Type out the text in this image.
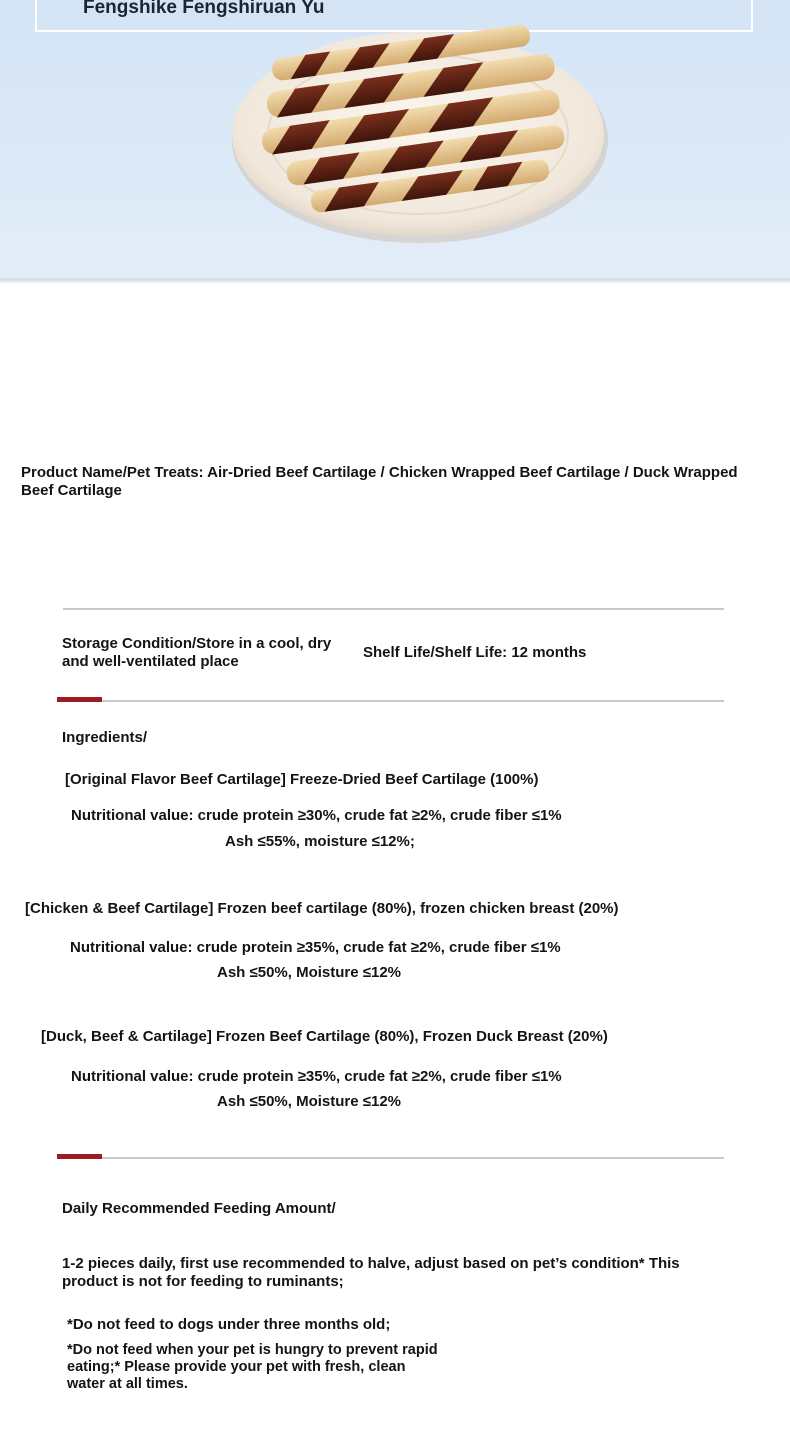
Fengshike Fengshiruan Yu
Product Name/Pet Treats: Air-Dried Beef Cartilage / Chicken Wrapped Beef Cartilage / Duck Wrapped Beef Cartilage
Storage Condition/Store in a cool, dry and well-ventilated place
Shelf Life/Shelf Life: 12 months
Ingredients/
[Original Flavor Beef Cartilage] Freeze-Dried Beef Cartilage (100%)
Nutritional value: crude protein ≥30%, crude fat ≥2%, crude fiber ≤1%
Ash ≤55%, moisture ≤12%;
[Chicken & Beef Cartilage] Frozen beef cartilage (80%), frozen chicken breast (20%)
Nutritional value: crude protein ≥35%, crude fat ≥2%, crude fiber ≤1%
Ash ≤50%, Moisture ≤12%
[Duck, Beef & Cartilage] Frozen Beef Cartilage (80%), Frozen Duck Breast (20%)
Nutritional value: crude protein ≥35%, crude fat ≥2%, crude fiber ≤1%
Ash ≤50%, Moisture ≤12%
Daily Recommended Feeding Amount/
1-2 pieces daily, first use recommended to halve, adjust based on pet’s condition* This product is not for feeding to ruminants;
*Do not feed to dogs under three months old;
*Do not feed when your pet is hungry to prevent rapid eating;* Please provide your pet with fresh, clean water at all times.
